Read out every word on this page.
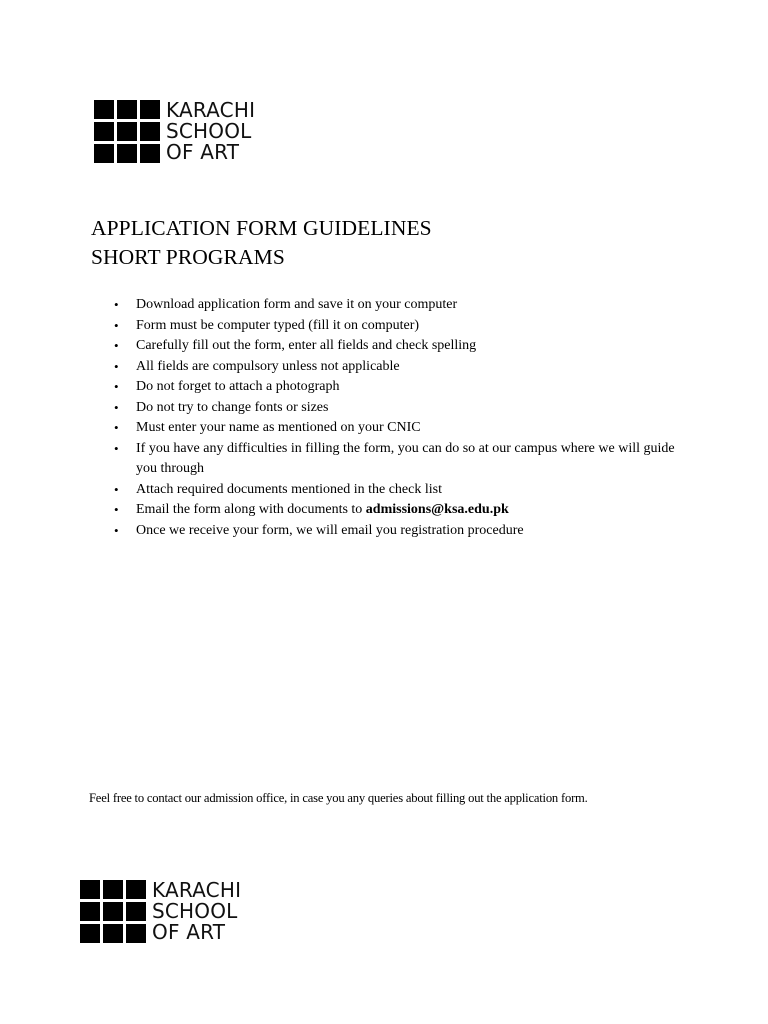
KARACHI
SCHOOL
OF ART
APPLICATION FORM GUIDELINES
SHORT PROGRAMS
• Download application form and save it on your computer
• Form must be computer typed (fill it on computer)
• Carefully fill out the form, enter all fields and check spelling
• All fields are compulsory unless not applicable
• Do not forget to attach a photograph
• Do not try to change fonts or sizes
• Must enter your name as mentioned on your CNIC
• If you have any difficulties in filling the form, you can do so at our campus where we will guide you through
• Attach required documents mentioned in the check list
• Email the form along with documents to admissions@ksa.edu.pk
• Once we receive your form, we will email you registration procedure
Feel free to contact our admission office, in case you any queries about filling out the application form.
KARACHI
SCHOOL
OF ART
